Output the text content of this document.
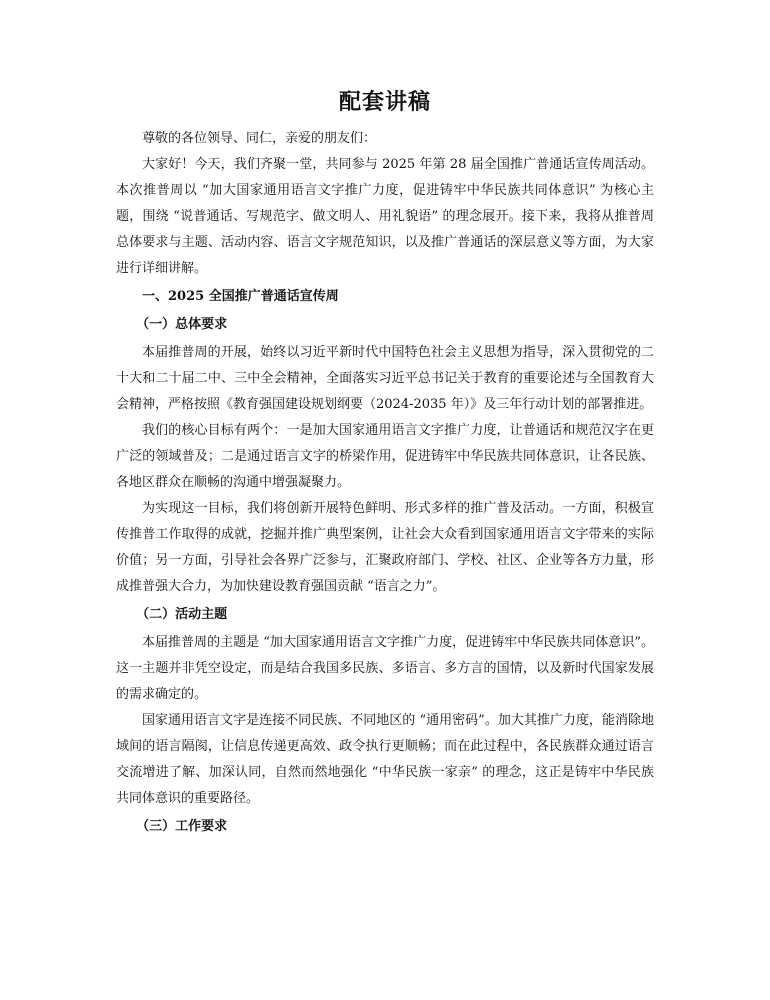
配套讲稿

尊敬的各位领导、同仁，亲爱的朋友们：

大家好！今天，我们齐聚一堂，共同参与 2025 年第 28 届全国推广普通话宣传周活动。本次推普周以 “加大国家通用语言文字推广力度，促进铸牢中华民族共同体意识” 为核心主题，围绕 “说普通话、写规范字、做文明人、用礼貌语” 的理念展开。接下来，我将从推普周总体要求与主题、活动内容、语言文字规范知识，以及推广普通话的深层意义等方面，为大家进行详细讲解。

一、2025 全国推广普通话宣传周
（一）总体要求

本届推普周的开展，始终以习近平新时代中国特色社会主义思想为指导，深入贯彻党的二十大和二十届二中、三中全会精神，全面落实习近平总书记关于教育的重要论述与全国教育大会精神，严格按照《教育强国建设规划纲要（2024-2035 年）》及三年行动计划的部署推进。

我们的核心目标有两个：一是加大国家通用语言文字推广力度，让普通话和规范汉字在更广泛的领域普及；二是通过语言文字的桥梁作用，促进铸牢中华民族共同体意识，让各民族、各地区群众在顺畅的沟通中增强凝聚力。

为实现这一目标，我们将创新开展特色鲜明、形式多样的推广普及活动。一方面，积极宣传推普工作取得的成就，挖掘并推广典型案例，让社会大众看到国家通用语言文字带来的实际价值；另一方面，引导社会各界广泛参与，汇聚政府部门、学校、社区、企业等各方力量，形成推普强大合力，为加快建设教育强国贡献 “语言之力”。

（二）活动主题

本届推普周的主题是 “加大国家通用语言文字推广力度，促进铸牢中华民族共同体意识”。这一主题并非凭空设定，而是结合我国多民族、多语言、多方言的国情，以及新时代国家发展的需求确定的。

国家通用语言文字是连接不同民族、不同地区的 “通用密码”。加大其推广力度，能消除地域间的语言隔阂，让信息传递更高效、政令执行更顺畅；而在此过程中，各民族群众通过语言交流增进了解、加深认同，自然而然地强化 “中华民族一家亲” 的理念，这正是铸牢中华民族共同体意识的重要路径。

（三）工作要求
